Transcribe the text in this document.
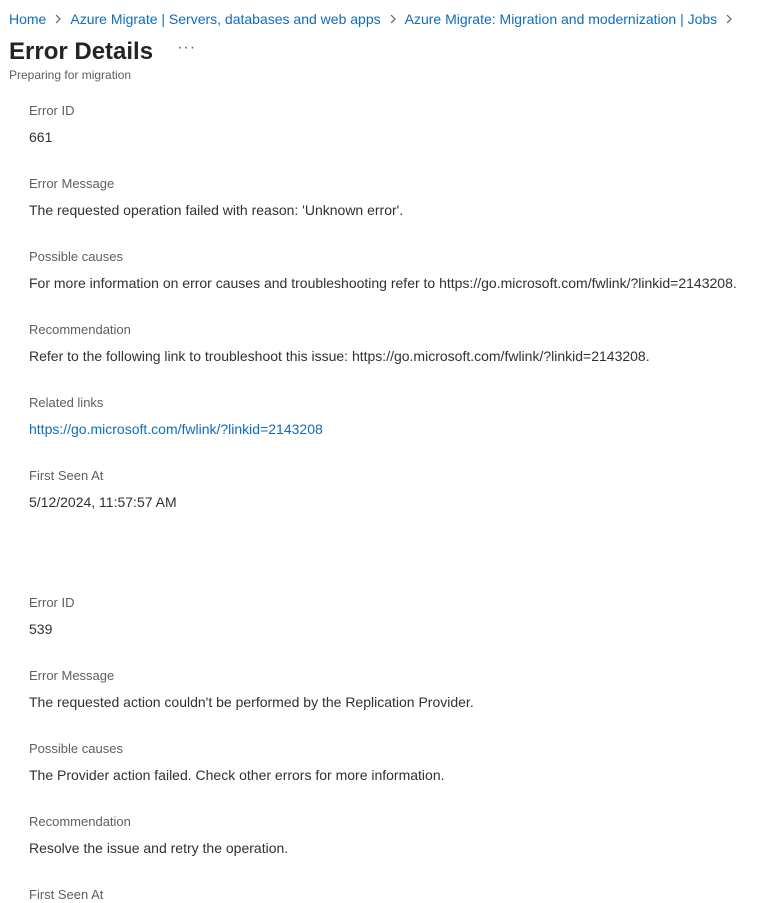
Home Azure Migrate | Servers, databases and web apps Azure Migrate: Migration and modernization | Jobs
Error Details ···
Preparing for migration
Error ID
661
Error Message
The requested operation failed with reason: 'Unknown error'.
Possible causes
For more information on error causes and troubleshooting refer to https://go.microsoft.com/fwlink/?linkid=2143208.
Recommendation
Refer to the following link to troubleshoot this issue: https://go.microsoft.com/fwlink/?linkid=2143208.
Related links
https://go.microsoft.com/fwlink/?linkid=2143208
First Seen At
5/12/2024, 11:57:57 AM
Error ID
539
Error Message
The requested action couldn't be performed by the Replication Provider.
Possible causes
The Provider action failed. Check other errors for more information.
Recommendation
Resolve the issue and retry the operation.
First Seen At
